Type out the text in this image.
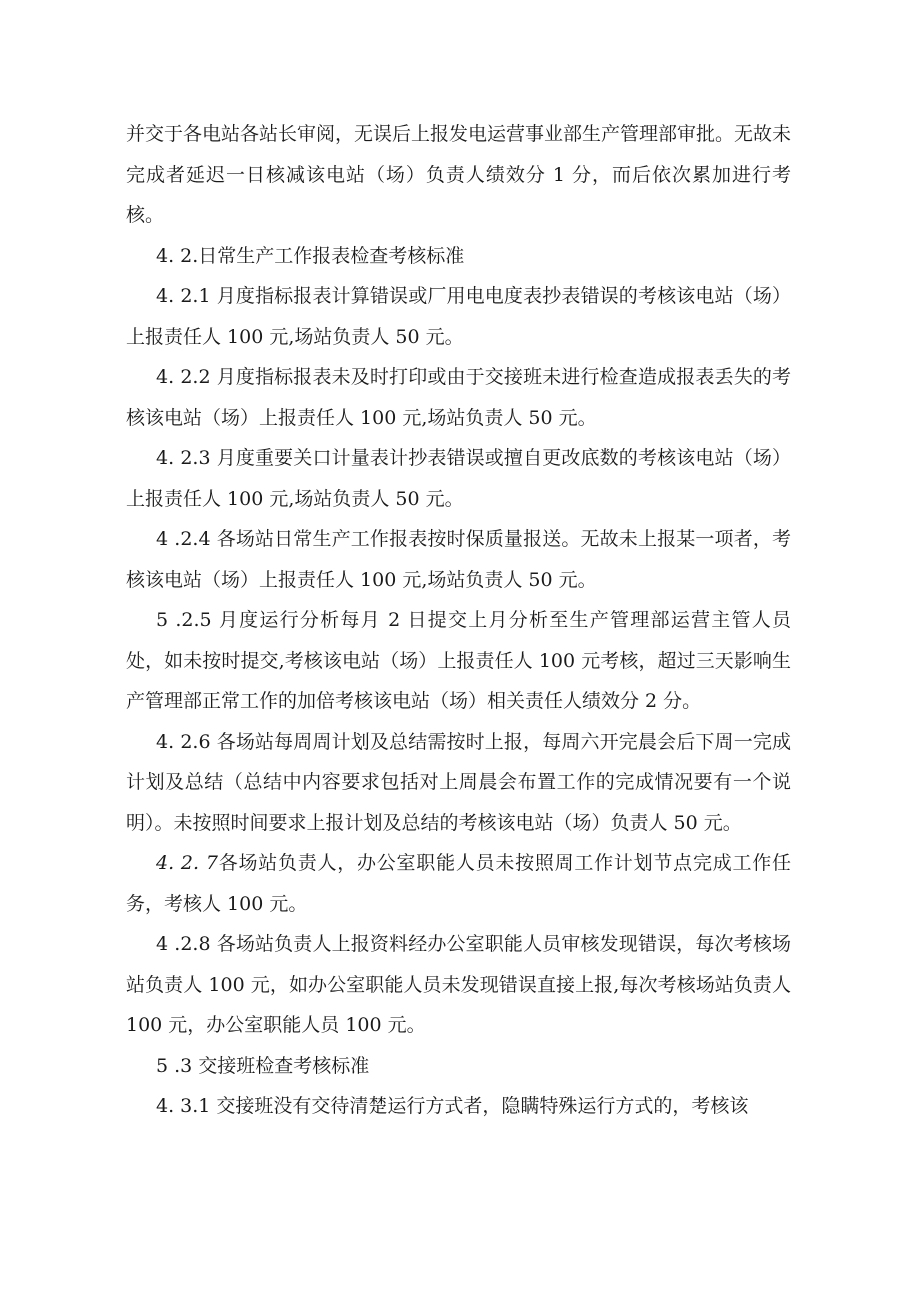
并交于各电站各站长审阅，无误后上报发电运营事业部生产管理部审批。无故未完成者延迟一日核减该电站（场）负责人绩效分 1 分，而后依次累加进行考核。

4. 2.日常生产工作报表检查考核标准

4. 2.1 月度指标报表计算错误或厂用电电度表抄表错误的考核该电站（场）上报责任人 100 元,场站负责人 50 元。

4. 2.2 月度指标报表未及时打印或由于交接班未进行检查造成报表丢失的考核该电站（场）上报责任人 100 元,场站负责人 50 元。

4. 2.3 月度重要关口计量表计抄表错误或擅自更改底数的考核该电站（场）上报责任人 100 元,场站负责人 50 元。

4 .2.4 各场站日常生产工作报表按时保质量报送。无故未上报某一项者，考核该电站（场）上报责任人 100 元,场站负责人 50 元。

5 .2.5 月度运行分析每月 2 日提交上月分析至生产管理部运营主管人员处，如未按时提交,考核该电站（场）上报责任人 100 元考核，超过三天影响生产管理部正常工作的加倍考核该电站（场）相关责任人绩效分 2 分。

4. 2.6 各场站每周周计划及总结需按时上报，每周六开完晨会后下周一完成计划及总结（总结中内容要求包括对上周晨会布置工作的完成情况要有一个说明）。未按照时间要求上报计划及总结的考核该电站（场）负责人 50 元。

4. 2. 7各场站负责人，办公室职能人员未按照周工作计划节点完成工作任务，考核人 100 元。

4 .2.8 各场站负责人上报资料经办公室职能人员审核发现错误，每次考核场站负责人 100 元，如办公室职能人员未发现错误直接上报,每次考核场站负责人 100 元，办公室职能人员 100 元。

5 .3 交接班检查考核标准

4. 3.1 交接班没有交待清楚运行方式者，隐瞒特殊运行方式的，考核该
